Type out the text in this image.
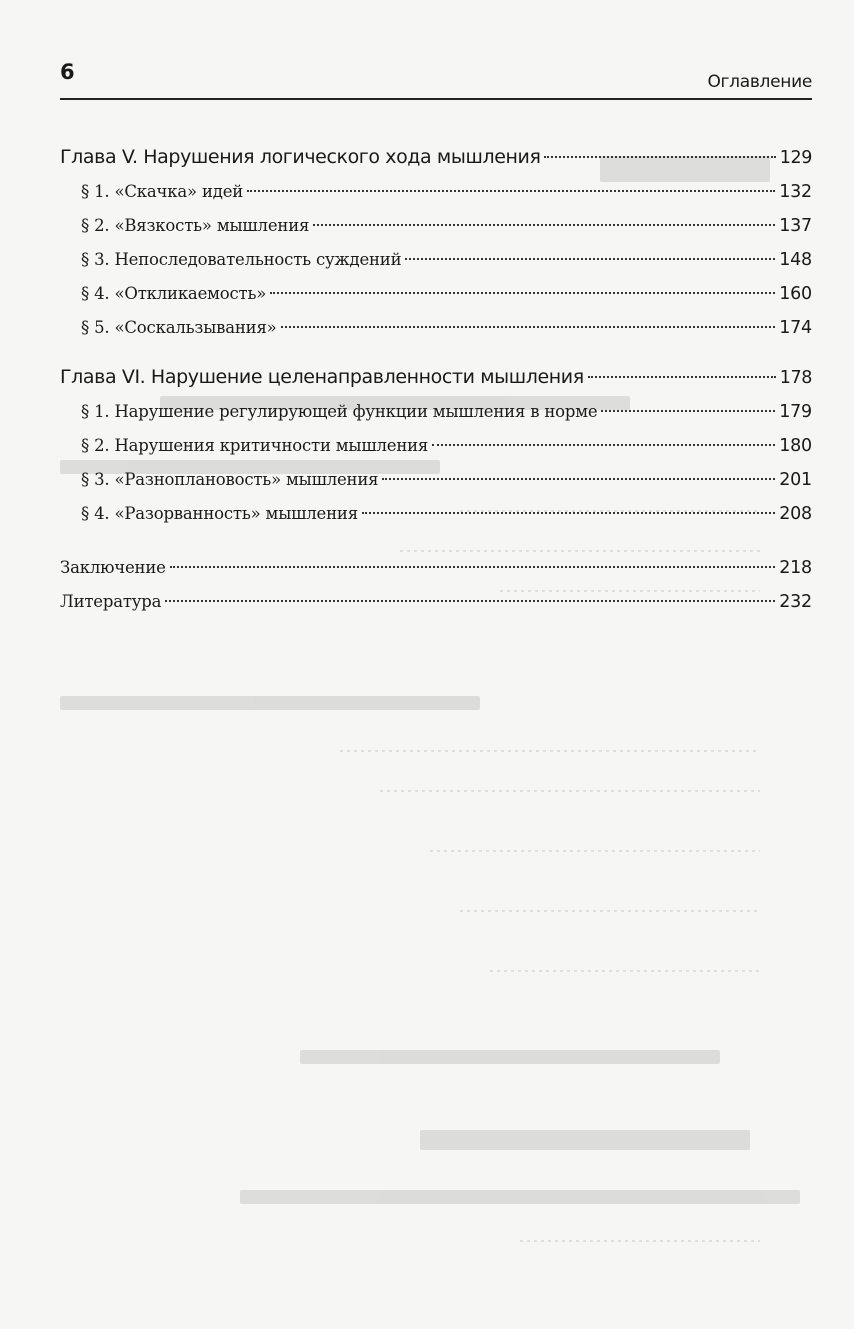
6	Оглавление
Глава V. Нарушения логического хода мышления	129
§ 1. «Скачка» идей	132
§ 2. «Вязкость» мышления	137
§ 3. Непоследовательность суждений	148
§ 4. «Откликаемость»	160
§ 5. «Соскальзывания»	174
Глава VI. Нарушение целенаправленности мышления	178
§ 1. Нарушение регулирующей функции мышления в норме	179
§ 2. Нарушения критичности мышления	180
§ 3. «Разноплановость» мышления	201
§ 4. «Разорванность» мышления	208
Заключение	218
Литература	232
